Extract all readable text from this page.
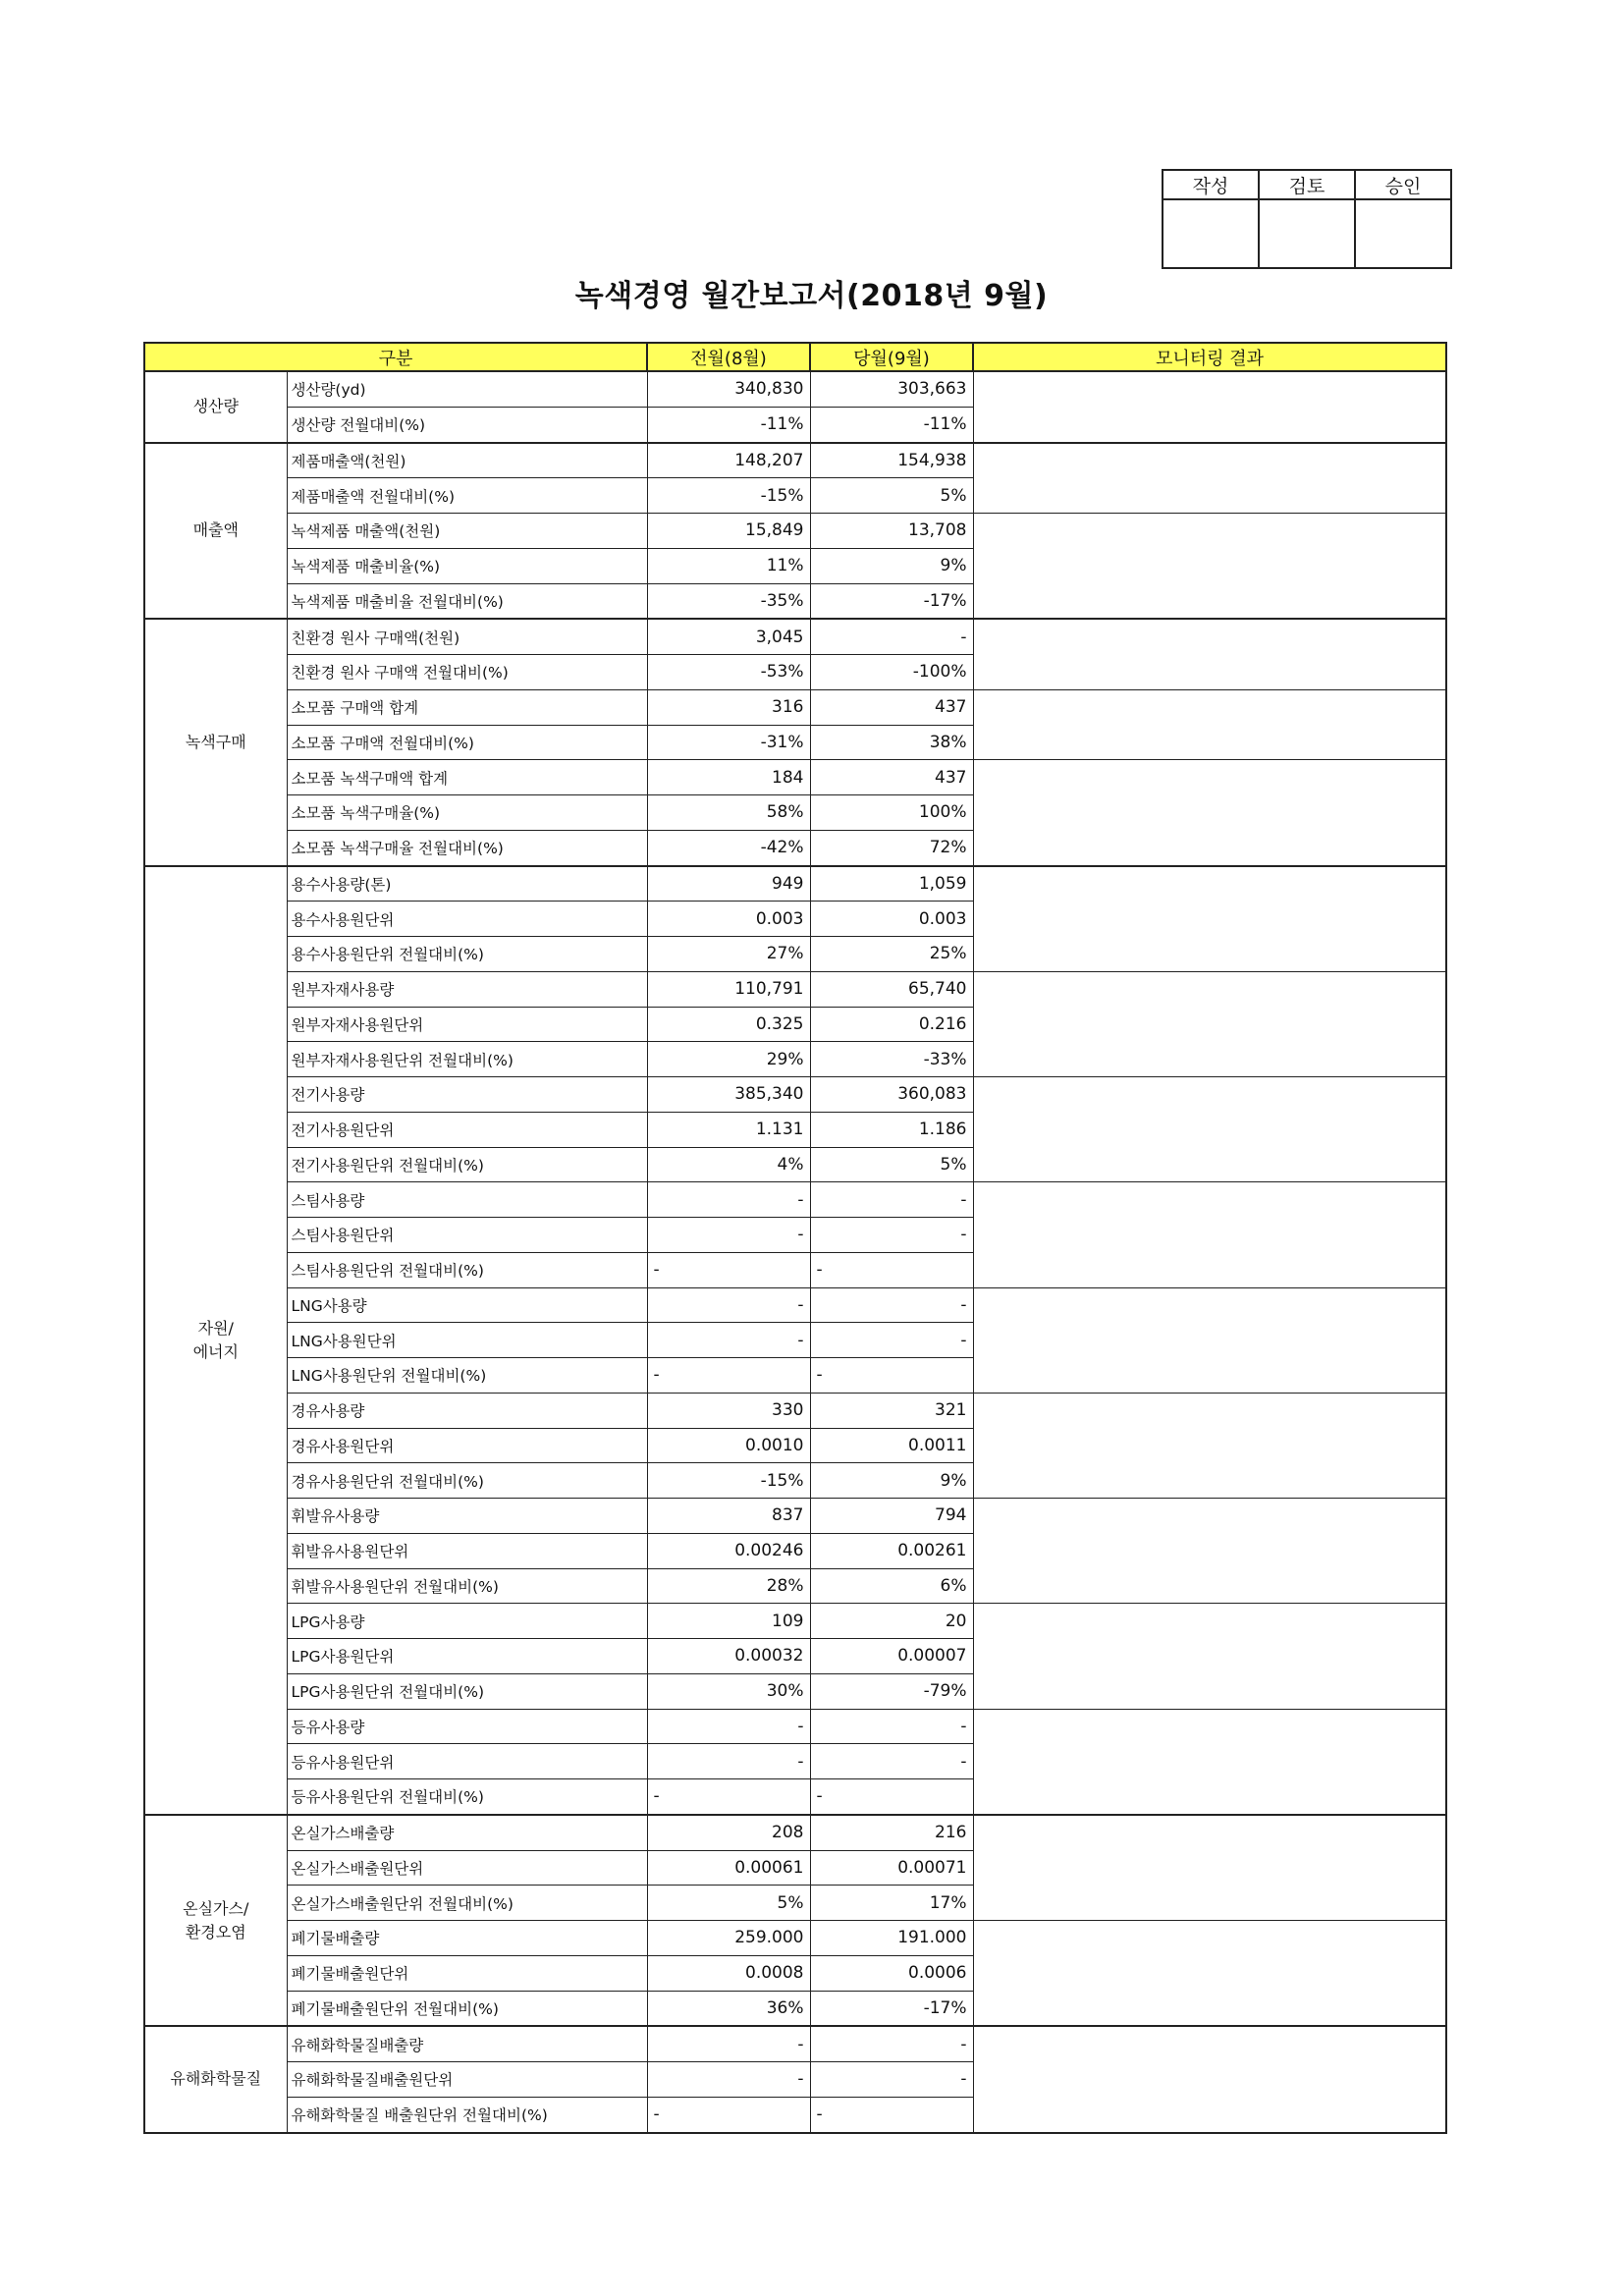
작성	검토	승인

녹색경영 월간보고서(2018년 9월)
구분		전월(8월)	당월(9월)	모니터링 결과
생산량	생산량(yd)	340,830	303,663	
	생산량 전월대비(%)	-11%	-11%	
매출액	제품매출액(천원)	148,207	154,938	
	제품매출액 전월대비(%)	-15%	5%	
	녹색제품 매출액(천원)	15,849	13,708	
	녹색제품 매출비율(%)	11%	9%	
	녹색제품 매출비율 전월대비(%)	-35%	-17%	
녹색구매	친환경 원사 구매액(천원)	3,045	-	
	친환경 원사 구매액 전월대비(%)	-53%	-100%	
	소모품 구매액 합계	316	437	
	소모품 구매액 전월대비(%)	-31%	38%	
	소모품 녹색구매액 합계	184	437	
	소모품 녹색구매율(%)	58%	100%	
	소모품 녹색구매율 전월대비(%)	-42%	72%	
자원/
에너지	용수사용량(톤)	949	1,059	
	용수사용원단위	0.003	0.003	
	용수사용원단위 전월대비(%)	27%	25%	
	원부자재사용량	110,791	65,740	
	원부자재사용원단위	0.325	0.216	
	원부자재사용원단위 전월대비(%)	29%	-33%	
	전기사용량	385,340	360,083	
	전기사용원단위	1.131	1.186	
	전기사용원단위 전월대비(%)	4%	5%	
	스팀사용량	-	-	
	스팀사용원단위	-	-	
	스팀사용원단위 전월대비(%)	-	-	
	LNG사용량	-	-	
	LNG사용원단위	-	-	
	LNG사용원단위 전월대비(%)	-	-	
	경유사용량	330	321	
	경유사용원단위	0.0010	0.0011	
	경유사용원단위 전월대비(%)	-15%	9%	
	휘발유사용량	837	794	
	휘발유사용원단위	0.00246	0.00261	
	휘발유사용원단위 전월대비(%)	28%	6%	
	LPG사용량	109	20	
	LPG사용원단위	0.00032	0.00007	
	LPG사용원단위 전월대비(%)	30%	-79%	
	등유사용량	-	-	
	등유사용원단위	-	-	
	등유사용원단위 전월대비(%)	-	-	
온실가스/
환경오염	온실가스배출량	208	216	
	온실가스배출원단위	0.00061	0.00071	
	온실가스배출원단위 전월대비(%)	5%	17%	
	폐기물배출량	259.000	191.000	
	폐기물배출원단위	0.0008	0.0006	
	폐기물배출원단위 전월대비(%)	36%	-17%	
유해화학물질	유해화학물질배출량	-	-	
	유해화학물질배출원단위	-	-	
	유해화학물질 배출원단위 전월대비(%)	-	-	
